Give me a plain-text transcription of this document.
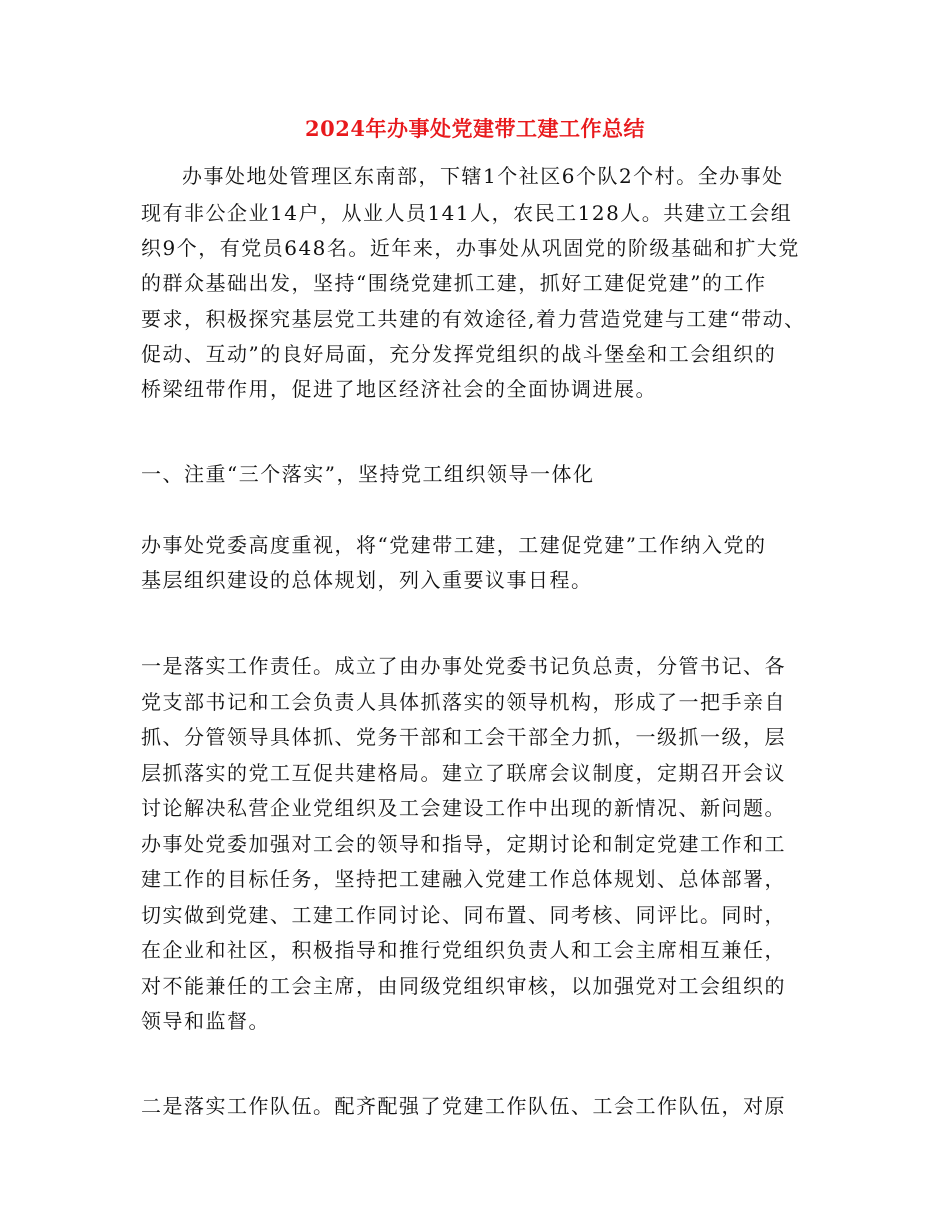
2024年办事处党建带工建工作总结
办事处地处管理区东南部，下辖1个社区6个队2个村。全办事处
现有非公企业14户，从业人员141人，农民工128人。共建立工会组
织9个，有党员648名。近年来，办事处从巩固党的阶级基础和扩大党
的群众基础出发，坚持“围绕党建抓工建，抓好工建促党建”的工作
要求，积极探究基层党工共建的有效途径,着力营造党建与工建“带动、
促动、互动”的良好局面，充分发挥党组织的战斗堡垒和工会组织的
桥梁纽带作用，促进了地区经济社会的全面协调进展。
一、注重“三个落实”，坚持党工组织领导一体化
办事处党委高度重视，将“党建带工建，工建促党建”工作纳入党的
基层组织建设的总体规划，列入重要议事日程。
一是落实工作责任。成立了由办事处党委书记负总责，分管书记、各
党支部书记和工会负责人具体抓落实的领导机构，形成了一把手亲自
抓、分管领导具体抓、党务干部和工会干部全力抓，一级抓一级，层
层抓落实的党工互促共建格局。建立了联席会议制度，定期召开会议
讨论解决私营企业党组织及工会建设工作中出现的新情况、新问题。
办事处党委加强对工会的领导和指导，定期讨论和制定党建工作和工
建工作的目标任务，坚持把工建融入党建工作总体规划、总体部署，
切实做到党建、工建工作同讨论、同布置、同考核、同评比。同时，
在企业和社区，积极指导和推行党组织负责人和工会主席相互兼任，
对不能兼任的工会主席，由同级党组织审核，以加强党对工会组织的
领导和监督。
二是落实工作队伍。配齐配强了党建工作队伍、工会工作队伍，对原
